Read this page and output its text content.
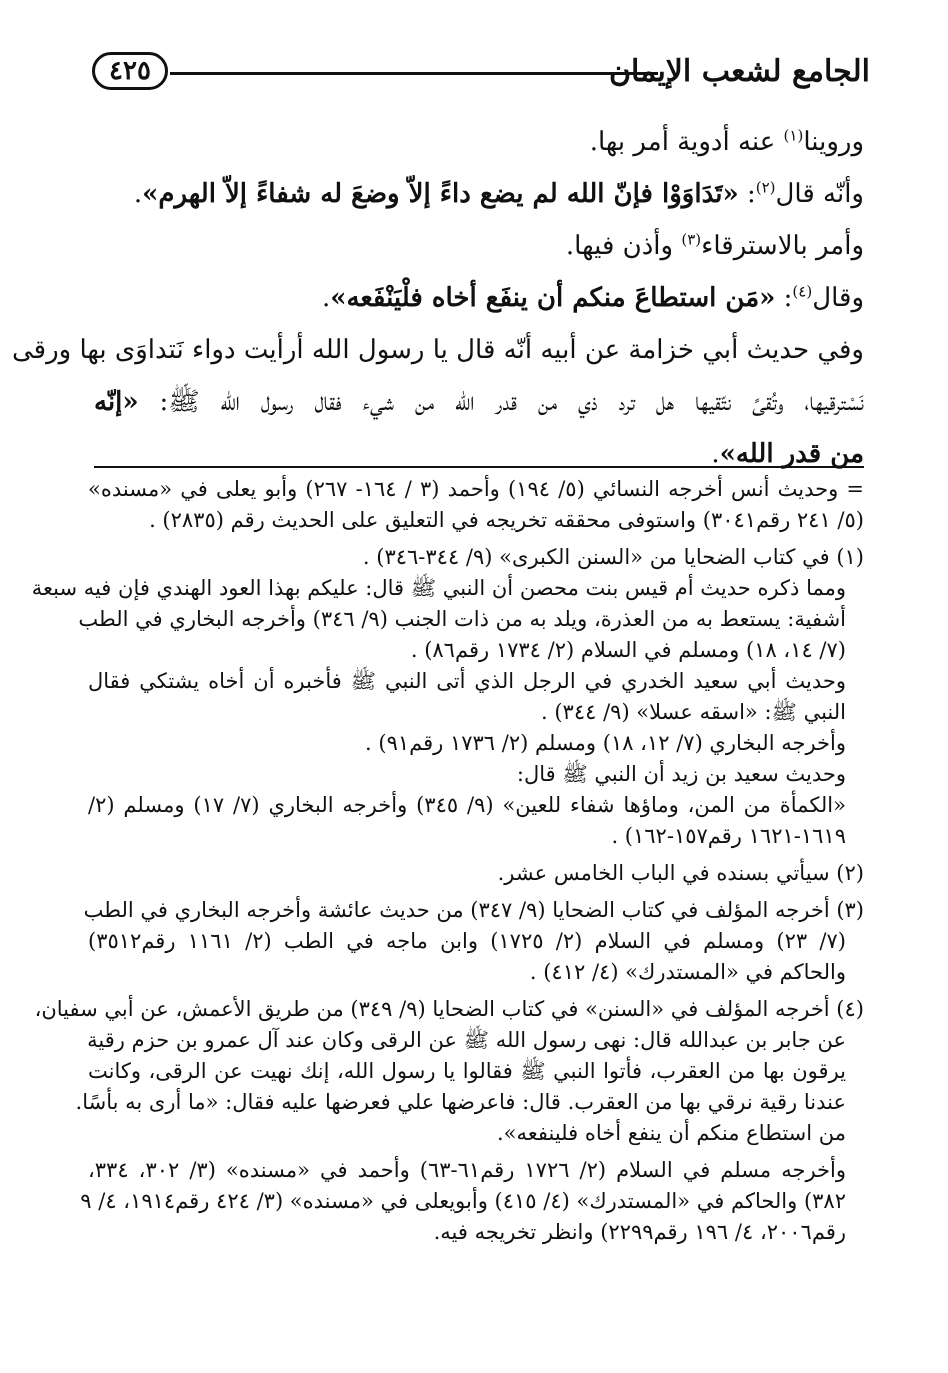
الجامع لشعب الإيمان
٤٢٥
وروينا$^{(١)}$ عنه أدوية أمر بها.
وأنّه قال$^{(٢)}$: «تَدَاوَوْا فإنّ الله لم يضع داءً إلاّ وضعَ له شفاءً إلاّ الهرم».
وأمر بالاسترقاء$^{(٣)}$ وأذن فيها.
وقال$^{(٤)}$: «مَن استطاعَ منكم أن ينفَع أخاه فلْيَنْفَعه».
وفي حديث أبي خزامة عن أبيه أنّه قال يا رسول الله أرأيت دواء نَتداوَى بها ورقى
نَسْترقيها، وتُقىً نتّقيها هل ترد ذي من قدر الله من شيء فقال رسول الله ﷺ: «إنّه
من قدر الله».
= وحديث أنس أخرجه النسائي (٥/ ١٩٤) وأحمد (٣ / ١٦٤- ٢٦٧) وأبو يعلى في «مسنده»
(٥/ ٢٤١ رقم٣٠٤١) واستوفى محققه تخريجه في التعليق على الحديث رقم (٢٨٣٥) .
(١) في كتاب الضحايا من «السنن الكبرى» (٩/ ٣٤٤-٣٤٦) .
ومما ذكره حديث أم قيس بنت محصن أن النبي ﷺ قال: عليكم بهذا العود الهندي فإن فيه سبعة
أشفية: يستعط به من العذرة، ويلد به من ذات الجنب (٩/ ٣٤٦) وأخرجه البخاري في الطب
(٧/ ١٤، ١٨) ومسلم في السلام (٢/ ١٧٣٤ رقم٨٦) .
وحديث أبي سعيد الخدري في الرجل الذي أتى النبي ﷺ فأخبره أن أخاه يشتكي فقال
النبي ﷺ: «اسقه عسلا» (٩/ ٣٤٤) .
وأخرجه البخاري (٧/ ١٢، ١٨) ومسلم (٢/ ١٧٣٦ رقم٩١) .
وحديث سعيد بن زيد أن النبي ﷺ قال:
«الكمأة من المن، وماؤها شفاء للعين» (٩/ ٣٤٥) وأخرجه البخاري (٧/ ١٧) ومسلم (٢/
١٦١٩-١٦٢١ رقم١٥٧-١٦٢) .
(٢) سيأتي بسنده في الباب الخامس عشر.
(٣) أخرجه المؤلف في كتاب الضحايا (٩/ ٣٤٧) من حديث عائشة وأخرجه البخاري في الطب
(٧/ ٢٣) ومسلم في السلام (٢/ ١٧٢٥) وابن ماجه في الطب (٢/ ١١٦١ رقم٣٥١٢)
والحاكم في «المستدرك» (٤/ ٤١٢) .
(٤) أخرجه المؤلف في «السنن» في كتاب الضحايا (٩/ ٣٤٩) من طريق الأعمش، عن أبي سفيان،
عن جابر بن عبدالله قال: نهى رسول الله ﷺ عن الرقى وكان عند آل عمرو بن حزم رقية
يرقون بها من العقرب، فأتوا النبي ﷺ فقالوا يا رسول الله، إنك نهيت عن الرقى، وكانت
عندنا رقية نرقي بها من العقرب. قال: فاعرضها علي فعرضها عليه فقال: «ما أرى به بأسًا.
من استطاع منكم أن ينفع أخاه فلينفعه».
وأخرجه مسلم في السلام (٢/ ١٧٢٦ رقم٦١-٦٣) وأحمد في «مسنده» (٣/ ٣٠٢، ٣٣٤،
٣٨٢) والحاكم في «المستدرك» (٤/ ٤١٥) وأبويعلى في «مسنده» (٣/ ٤٢٤ رقم١٩١٤، ٤/ ٩
رقم٢٠٠٦، ٤/ ١٩٦ رقم٢٢٩٩) وانظر تخريجه فيه.
